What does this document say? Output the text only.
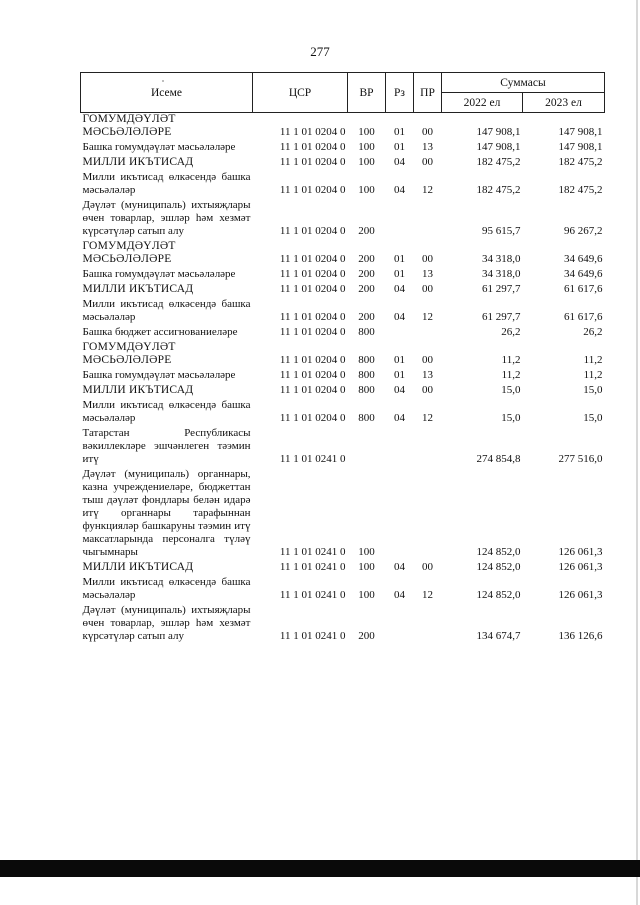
277
Исеме	ЦСР	ВР	Рз	ПР	Суммасы	
					2022 ел	2023 ел
ГОМУМДӘҮЛӘТ МӘСЬӘЛӘЛӘРЕ	11 1 01 0204 0	100	01	00	147 908,1	147 908,1
Башка гомумдәүләт мәсьәләләре	11 1 01 0204 0	100	01	13	147 908,1	147 908,1
МИЛЛИ ИКЪТИСАД	11 1 01 0204 0	100	04	00	182 475,2	182 475,2
Милли икътисад өлкәсендә башка мәсьәләләр	11 1 01 0204 0	100	04	12	182 475,2	182 475,2
Дәүләт (муниципаль) ихтыяҗлары өчен товарлар, эшләр һәм хезмәт күрсәтүләр сатып алу	11 1 01 0204 0	200			95 615,7	96 267,2
ГОМУМДӘҮЛӘТ МӘСЬӘЛӘЛӘРЕ	11 1 01 0204 0	200	01	00	34 318,0	34 649,6
Башка гомумдәүләт мәсьәләләре	11 1 01 0204 0	200	01	13	34 318,0	34 649,6
МИЛЛИ ИКЪТИСАД	11 1 01 0204 0	200	04	00	61 297,7	61 617,6
Милли икътисад өлкәсендә башка мәсьәләләр	11 1 01 0204 0	200	04	12	61 297,7	61 617,6
Башка бюджет ассигнованиеләре	11 1 01 0204 0	800			26,2	26,2
ГОМУМДӘҮЛӘТ МӘСЬӘЛӘЛӘРЕ	11 1 01 0204 0	800	01	00	11,2	11,2
Башка гомумдәүләт мәсьәләләре	11 1 01 0204 0	800	01	13	11,2	11,2
МИЛЛИ ИКЪТИСАД	11 1 01 0204 0	800	04	00	15,0	15,0
Милли икътисад өлкәсендә башка мәсьәләләр	11 1 01 0204 0	800	04	12	15,0	15,0
Татарстан Республикасы вәкиллекләре эшчәнлеген тәэмин итү	11 1 01 0241 0				274 854,8	277 516,0
Дәүләт (муниципаль) органнары, казна учреждениеләре, бюджеттан тыш дәүләт фондлары белән идарә итү органнары тарафыннан функцияләр башкаруны тәэмин итү максатларында персоналга түләү чыгымнары	11 1 01 0241 0	100			124 852,0	126 061,3
МИЛЛИ ИКЪТИСАД	11 1 01 0241 0	100	04	00	124 852,0	126 061,3
Милли икътисад өлкәсендә башка мәсьәләләр	11 1 01 0241 0	100	04	12	124 852,0	126 061,3
Дәүләт (муниципаль) ихтыяҗлары өчен товарлар, эшләр һәм хезмәт күрсәтүләр сатып алу	11 1 01 0241 0	200			134 674,7	136 126,6
